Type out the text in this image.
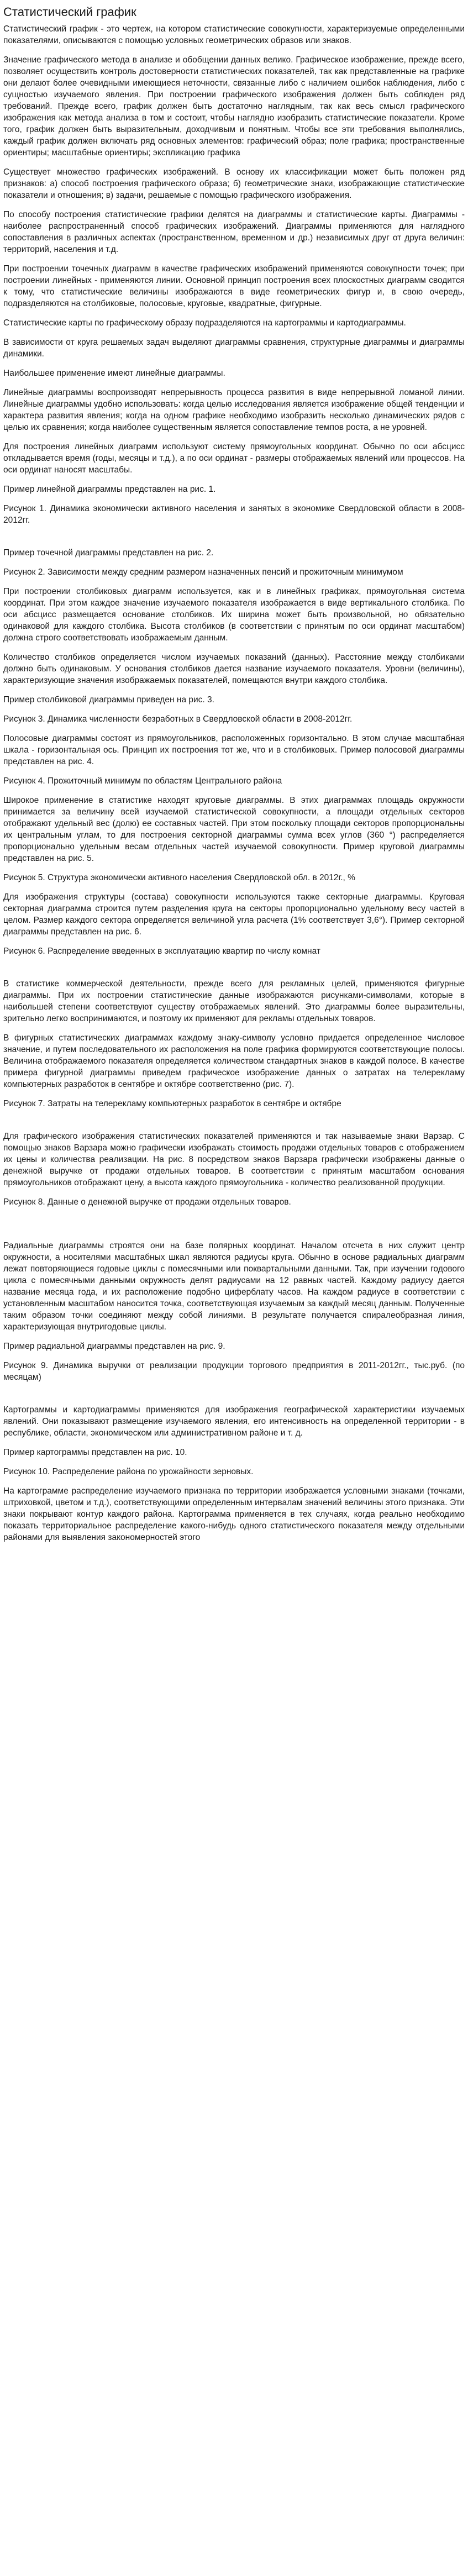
Статистический график

Статистический график - это чертеж, на котором статистические совокупности, характеризуемые определенными показателями, описываются с помощью условных геометрических образов или знаков.

Значение графического метода в анализе и обобщении данных велико. Графическое изображение, прежде всего, позволяет осуществить контроль достоверности статистических показателей, так как представленные на графике они делают более очевидными имеющиеся неточности, связанные либо с наличием ошибок наблюдения, либо с сущностью изучаемого явления. При построении графического изображения должен быть соблюден ряд требований. Прежде всего, график должен быть достаточно наглядным, так как весь смысл графического изображения как метода анализа в том и состоит, чтобы наглядно изобразить статистические показатели. Кроме того, график должен быть выразительным, доходчивым и понятным. Чтобы все эти требования выполнялись, каждый график должен включать ряд основных элементов: графический образ; поле графика; пространственные ориентиры; масштабные ориентиры; экспликацию графика

Существует множество графических изображений. В основу их классификации может быть положен ряд признаков: а) способ построения графического образа; б) геометрические знаки, изображающие статистические показатели и отношения; в) задачи, решаемые с помощью графического изображения.

По способу построения статистические графики делятся на диаграммы и статистические карты. Диаграммы - наиболее распространенный способ графических изображений. Диаграммы применяются для наглядного сопоставления в различных аспектах (пространственном, временном и др.) независимых друг от друга величин: территорий, населения и т.д.

При построении точечных диаграмм в качестве графических изображений применяются совокупности точек; при построении линейных - применяются линии. Основной принцип построения всех плоскостных диаграмм сводится к тому, что статистические величины изображаются в виде геометрических фигур и, в свою очередь, подразделяются на столбиковые, полосовые, круговые, квадратные, фигурные.

Статистические карты по графическому образу подразделяются на картограммы и картодиаграммы.

В зависимости от круга решаемых задач выделяют диаграммы сравнения, структурные диаграммы и диаграммы динамики.

Наибольшее применение имеют линейные диаграммы.

Линейные диаграммы воспроизводят непрерывность процесса развития в виде непрерывной ломаной линии. Линейные диаграммы удобно использовать: когда целью исследования является изображение общей тенденции и характера развития явления; когда на одном графике необходимо изобразить несколько динамических рядов с целью их сравнения; когда наиболее существенным является сопоставление темпов роста, а не уровней.

Для построения линейных диаграмм используют систему прямоугольных координат. Обычно по оси абсцисс откладывается время (годы, месяцы и т.д.), а по оси ординат - размеры отображаемых явлений или процессов. На оси ординат наносят масштабы.

Пример линейной диаграммы представлен на рис. 1.

Рисунок 1. Динамика экономически активного населения и занятых в экономике Свердловской области в 2008-2012гг.

Пример точечной диаграммы представлен на рис. 2.

Рисунок 2. Зависимости между средним размером назначенных пенсий и прожиточным минимумом

При построении столбиковых диаграмм используется, как и в линейных графиках, прямоугольная система координат. При этом каждое значение изучаемого показателя изображается в виде вертикального столбика. По оси абсцисс размещается основание столбиков. Их ширина может быть произвольной, но обязательно одинаковой для каждого столбика. Высота столбиков (в соответствии с принятым по оси ординат масштабом) должна строго соответствовать изображаемым данным.

Количество столбиков определяется числом изучаемых показаний (данных). Расстояние между столбиками должно быть одинаковым. У основания столбиков дается название изучаемого показателя. Уровни (величины), характеризующие значения изображаемых показателей, помещаются внутри каждого столбика.

Пример столбиковой диаграммы приведен на рис. 3.

Рисунок 3. Динамика численности безработных в Свердловской области в 2008-2012гг.

Полосовые диаграммы состоят из прямоугольников, расположенных горизонтально. В этом случае масштабная шкала - горизонтальная ось. Принцип их построения тот же, что и в столбиковых. Пример полосовой диаграммы представлен на рис. 4.

Рисунок 4. Прожиточный минимум по областям Центрального района

Широкое применение в статистике находят круговые диаграммы. В этих диаграммах площадь окружности принимается за величину всей изучаемой статистической совокупности, а площади отдельных секторов отображают удельный вес (долю) ее составных частей. При этом поскольку площади секторов пропорциональны их центральным углам, то для построения секторной диаграммы сумма всех углов (360 °) распределяется пропорционально удельным весам отдельных частей изучаемой совокупности. Пример круговой диаграммы представлен на рис. 5.

Рисунок 5. Структура экономически активного населения Свердловской обл. в 2012г., %

Для изображения структуры (состава) совокупности используются также секторные диаграммы. Круговая секторная диаграмма строится путем разделения круга на секторы пропорционально удельному весу частей в целом. Размер каждого сектора определяется величиной угла расчета (1% соответствует 3,6°). Пример секторной диаграммы представлен на рис. 6.

Рисунок 6. Распределение введенных в эксплуатацию квартир по числу комнат

В статистике коммерческой деятельности, прежде всего для рекламных целей, применяются фигурные диаграммы. При их построении статистические данные изображаются рисунками-символами, которые в наибольшей степени соответствуют существу отображаемых явлений. Это диаграммы более выразительны, зрительно легко воспринимаются, и поэтому их применяют для рекламы отдельных товаров.

В фигурных статистических диаграммах каждому знаку-символу условно придается определенное числовое значение, и путем последовательного их расположения на поле графика формируются соответствующие полосы. Величина отображаемого показателя определяется количеством стандартных знаков в каждой полосе. В качестве примера фигурной диаграммы приведем графическое изображение данных о затратах на телерекламу компьютерных разработок в сентябре и октябре соответственно (рис. 7).

Рисунок 7. Затраты на телерекламу компьютерных разработок в сентябре и октябре

Для графического изображения статистических показателей применяются и так называемые знаки Варзар. С помощью знаков Варзара можно графически изображать стоимость продажи отдельных товаров с отображением их цены и количества реализации. На рис. 8 посредством знаков Варзара графически изображены данные о денежной выручке от продажи отдельных товаров. В соответствии с принятым масштабом основания прямоугольников отображают цену, а высота каждого прямоугольника - количество реализованной продукции.

Рисунок 8. Данные о денежной выручке от продажи отдельных товаров.

Радиальные диаграммы строятся они на базе полярных координат. Началом отсчета в них служит центр окружности, а носителями масштабных шкал являются радиусы круга. Обычно в основе радиальных диаграмм лежат повторяющиеся годовые циклы с помесячными или поквартальными данными. Так, при изучении годового цикла с помесячными данными окружность делят радиусами на 12 равных частей. Каждому радиусу дается название месяца года, и их расположение подобно циферблату часов. На каждом радиусе в соответствии с установленным масштабом наносится точка, соответствующая изучаемым за каждый месяц данным. Полученные таким образом точки соединяют между собой линиями. В результате получается спиралеобразная линия, характеризующая внутригодовые циклы.

Пример радиальной диаграммы представлен на рис. 9.

Рисунок 9. Динамика выручки от реализации продукции торгового предприятия в 2011-2012гг., тыс.руб. (по месяцам)

Картограммы и картодиаграммы применяются для изображения географической характеристики изучаемых явлений. Они показывают размещение изучаемого явления, его интенсивность на определенной территории - в республике, области, экономическом или административном районе и т. д.

Пример картограммы представлен на рис. 10.

Рисунок 10. Распределение района по урожайности зерновых.

На картограмме распределение изучаемого признака по территории изображается условными знаками (точками, штриховкой, цветом и т.д.), соответствующими определенным интервалам значений величины этого признака. Эти знаки покрывают контур каждого района. Картограмма применяется в тех случаях, когда реально необходимо показать территориальное распределение какого-нибудь одного статистического показателя между отдельными районами для выявления закономерностей этого
